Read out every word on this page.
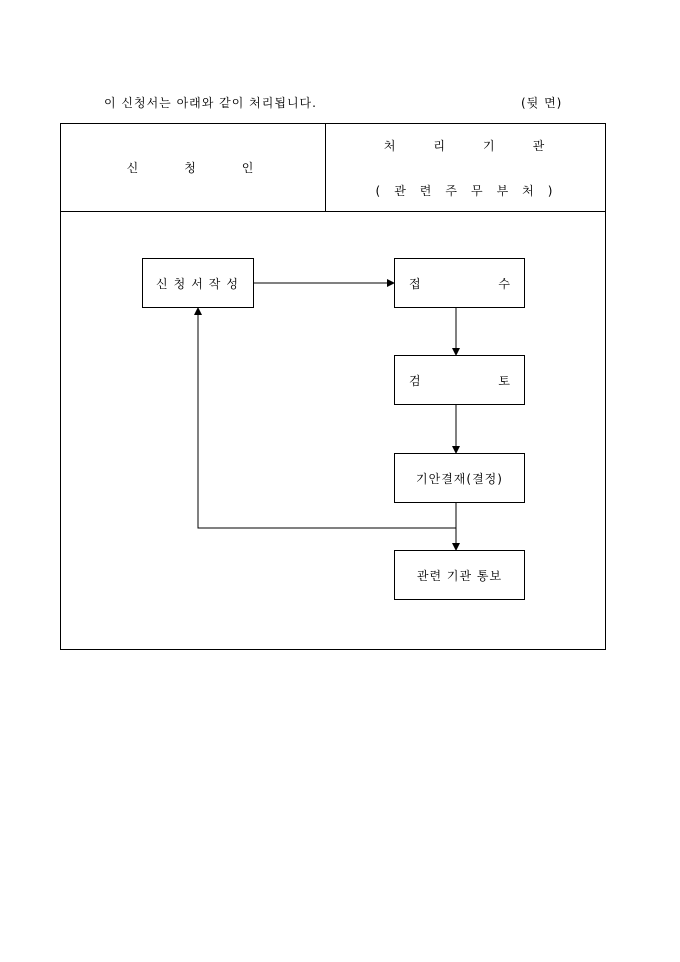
이 신청서는 아래와 같이 처리됩니다.	(뒷 면)
신청인
처리기관
(관련주무부처)
신청서작성	접	수
검	토
기안결재(결정)
관련 기관 통보
